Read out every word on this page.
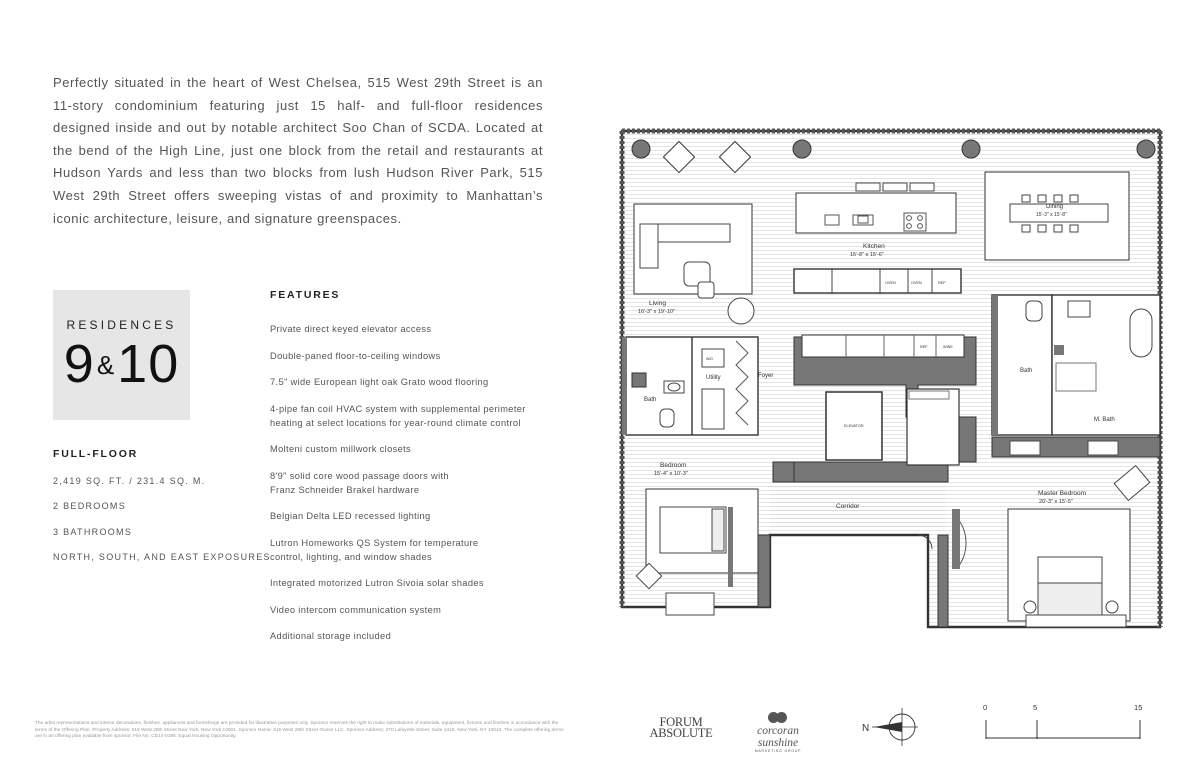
Perfectly situated in the heart of West Chelsea, 515 West 29th Street is an 11-story condominium featuring just 15 half- and full-floor residences designed inside and out by notable architect Soo Chan of SCDA. Located at the bend of the High Line, just one block from the retail and restaurants at Hudson Yards and less than two blocks from lush Hudson River Park, 515 West 29th Street offers sweeping vistas of and proximity to Manhattan’s iconic architecture, leisure, and signature greenspaces.

RESIDENCES
9&10
FULL-FLOOR
2,419 SQ. FT. / 231.4 SQ. M.
2 BEDROOMS
3 BATHROOMS
NORTH, SOUTH, AND EAST EXPOSURES
FEATURES
Private direct keyed elevator access
Double-paned floor-to-ceiling windows
7.5" wide European light oak Grato wood flooring
4-pipe fan coil HVAC system with supplemental perimeter
heating at select locations for year-round climate control
Molteni custom millwork closets
8'9" solid core wood passage doors with
Franz Schneider Brakel hardware
Belgian Delta LED recessed lighting
Lutron Homeworks QS System for temperature
control, lighting, and window shades
Integrated motorized Lutron Sivoia solar shades
Video intercom communication system
Additional storage included
Living
16'-3" x 19'-10"
Kitchen
15'-8" x 15'-6"
OVEN	OVEN	REF
Dining
15'-3" x 15'-8"
ELEVATOR
WINE
REF
Bath
W/D
Utility	Foyer
Bedroom
15'-4" x 10'-3"
Corridor
Bath
M. Bath
Master Bedroom
20'-3" x 15'-5"

The artist representations and interior decorations, finishes, appliances and furnishings are provided for illustrative purposes only. Sponsor reserves the right to make substitutions of materials, equipment, fixtures and finishes in accordance with the terms of the Offering Plan. Property Address: 515 West 29th Street New York, New York 10001. Sponsor Name: 515 West 29th Street Owner LLC. Sponsor Address: 270 Lafayette Street, Suite 1410, New York, NY 10012. The complete offering terms are in an offering plan available from sponsor. File No. CD14-0186. Equal Housing Opportunity.

FORUM
ABSOLUTE	corcoran sunshine
MARKETING GROUP
N
0	5	15
